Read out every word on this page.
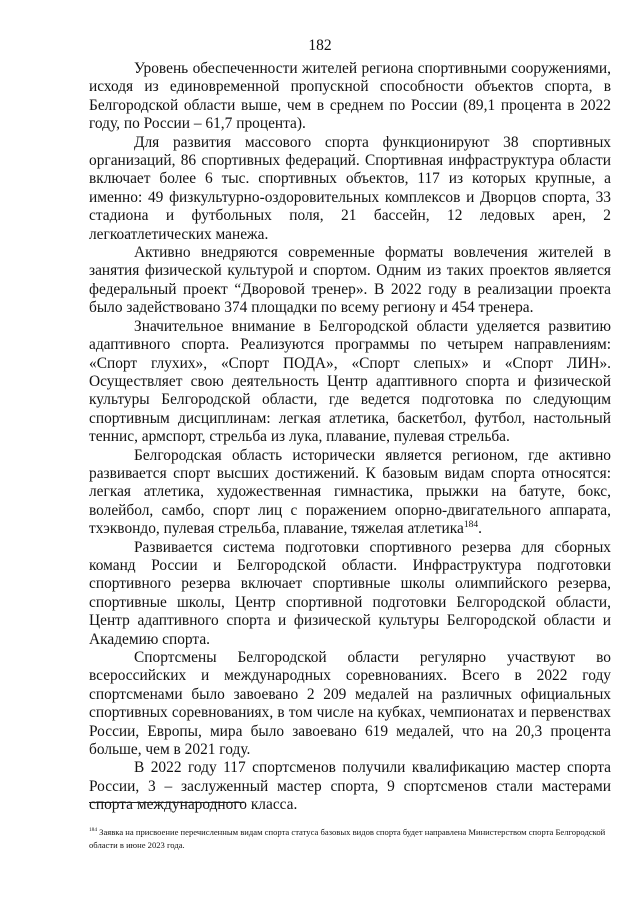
182

Уровень обеспеченности жителей региона спортивными сооружениями, исходя из единовременной пропускной способности объектов спорта, в Белгородской области выше, чем в среднем по России (89,1 процента в 2022 году, по России – 61,7 процента).

Для развития массового спорта функционируют 38 спортивных организаций, 86 спортивных федераций. Спортивная инфраструктура области включает более 6 тыс. спортивных объектов, 117 из которых крупные, а именно: 49 физкультурно-оздоровительных комплексов и Дворцов спорта, 33 стадиона и футбольных поля, 21 бассейн, 12 ледовых арен, 2 легкоатлетических манежа.

Активно внедряются современные форматы вовлечения жителей в занятия физической культурой и спортом. Одним из таких проектов является федеральный проект “Дворовой тренер». В 2022 году в реализации проекта было задействовано 374 площадки по всему региону и 454 тренера.

Значительное внимание в Белгородской области уделяется развитию адаптивного спорта. Реализуются программы по четырем направлениям: «Спорт глухих», «Спорт ПОДА», «Спорт слепых» и «Спорт ЛИН». Осуществляет свою деятельность Центр адаптивного спорта и физической культуры Белгородской области, где ведется подготовка по следующим спортивным дисциплинам: легкая атлетика, баскетбол, футбол, настольный теннис, армспорт, стрельба из лука, плавание, пулевая стрельба.

Белгородская область исторически является регионом, где активно развивается спорт высших достижений. К базовым видам спорта относятся: легкая атлетика, художественная гимнастика, прыжки на батуте, бокс, волейбол, самбо, спорт лиц с поражением опорно-двигательного аппарата, тхэквондо, пулевая стрельба, плавание, тяжелая атлетика$^{184}$.

Развивается система подготовки спортивного резерва для сборных команд России и Белгородской области. Инфраструктура подготовки спортивного резерва включает спортивные школы олимпийского резерва, спортивные школы, Центр спортивной подготовки Белгородской области, Центр адаптивного спорта и физической культуры Белгородской области и Академию спорта.

Спортсмены Белгородской области регулярно участвуют во всероссийских и международных соревнованиях. Всего в 2022 году спортсменами было завоевано 2 209 медалей на различных официальных спортивных соревнованиях, в том числе на кубках, чемпионатах и первенствах России, Европы, мира было завоевано 619 медалей, что на 20,3 процента больше, чем в 2021 году.

В 2022 году 117 спортсменов получили квалификацию мастер спорта России, 3 – заслуженный мастер спорта, 9 спортсменов стали мастерами спорта международного класса.

$^{184}$ Заявка на присвоение перечисленным видам спорта статуса базовых видов спорта будет направлена Министерством спорта Белгородской области в июне 2023 года.
